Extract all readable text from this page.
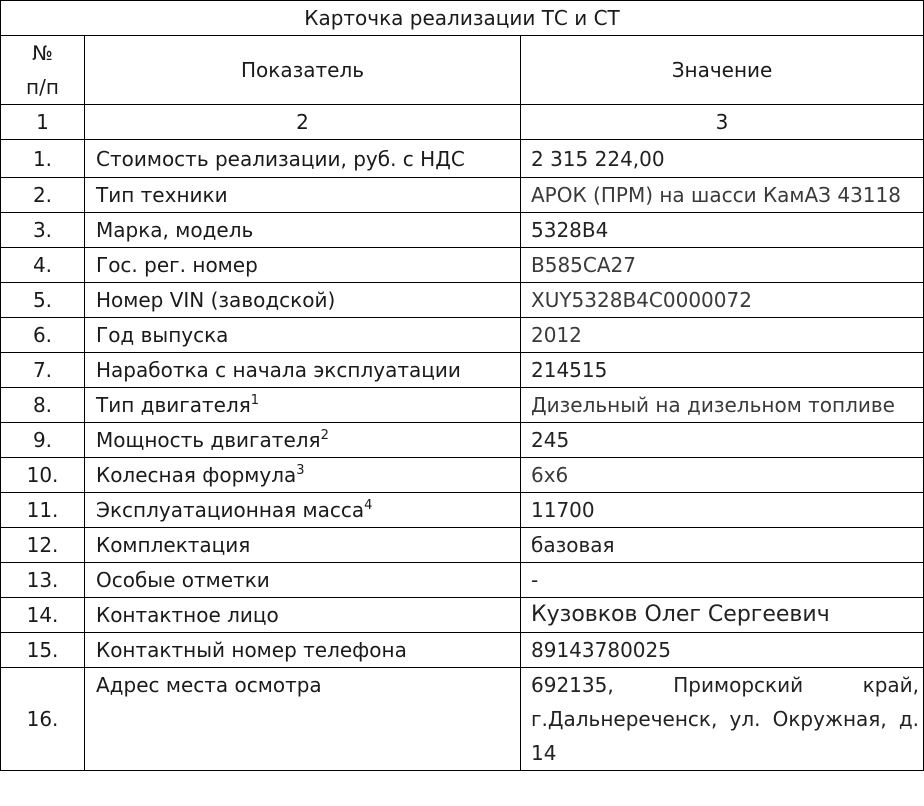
Карточка реализации ТС и СТ		

№
п/п	Показатель	Значение
1	2	3
1.	Стоимость реализации, руб. с НДС	2 315 224,00
2.	Тип техники	АРОК (ПРМ) на шасси КамАЗ 43118
3.	Марка, модель	5328В4
4.	Гос. рег. номер	В585СА27
5.	Номер VIN (заводской)	XUY5328B4C0000072
6.	Год выпуска	2012
7.	Наработка с начала эксплуатации	214515
8.	Тип двигателя$^1$	Дизельный на дизельном топливе
9.	Мощность двигателя$^2$	245
10.	Колесная формула$^3$	6х6
11.	Эксплуатационная масса$^4$	11700
12.	Комплектация	базовая
13.	Особые отметки	-
14.	Контактное лицо	Кузовков Олег Сергеевич
15.	Контактный номер телефона	89143780025
16.	Адрес места осмотра	692135, Приморский край, г.Дальнереченск, ул. Окружная, д. 14
